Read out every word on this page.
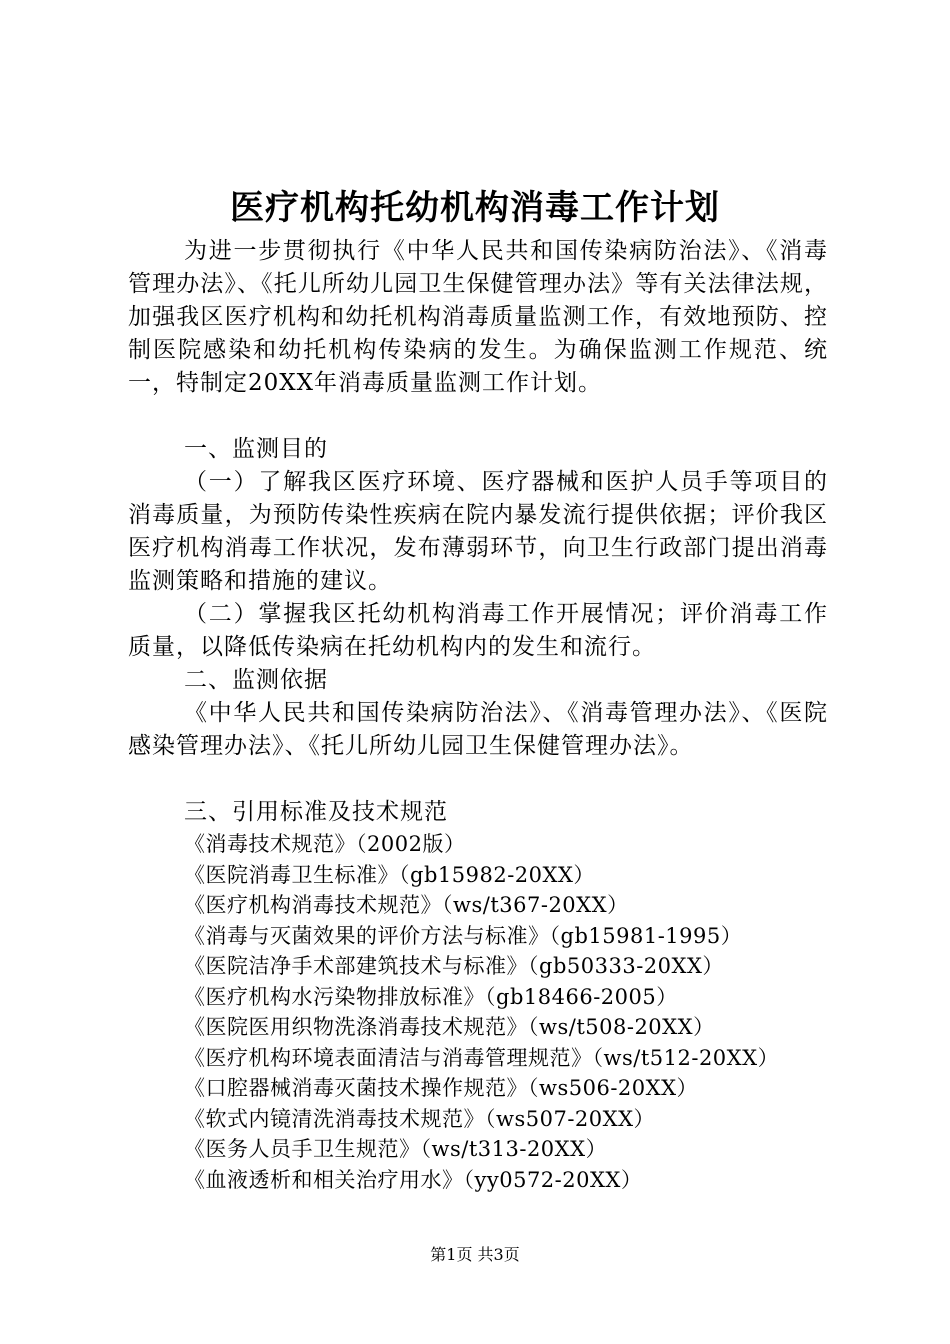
医疗机构托幼机构消毒工作计划

为进一步贯彻执行《中华人民共和国传染病防治法》、《消毒管理办法》、《托儿所幼儿园卫生保健管理办法》等有关法律法规，加强我区医疗机构和幼托机构消毒质量监测工作，有效地预防、控制医院感染和幼托机构传染病的发生。为确保监测工作规范、统一，特制定20XX年消毒质量监测工作计划。

一、监测目的

（一）了解我区医疗环境、医疗器械和医护人员手等项目的消毒质量，为预防传染性疾病在院内暴发流行提供依据；评价我区医疗机构消毒工作状况，发布薄弱环节，向卫生行政部门提出消毒监测策略和措施的建议。

（二）掌握我区托幼机构消毒工作开展情况；评价消毒工作质量，以降低传染病在托幼机构内的发生和流行。

二、监测依据

《中华人民共和国传染病防治法》、《消毒管理办法》、《医院感染管理办法》、《托儿所幼儿园卫生保健管理办法》。

三、引用标准及技术规范

《消毒技术规范》（2002版）

《医院消毒卫生标准》（gb15982-20XX）

《医疗机构消毒技术规范》（ws/t367-20XX）

《消毒与灭菌效果的评价方法与标准》（gb15981-1995）

《医院洁净手术部建筑技术与标准》（gb50333-20XX）

《医疗机构水污染物排放标准》（gb18466-2005）

《医院医用织物洗涤消毒技术规范》（ws/t508-20XX）

《医疗机构环境表面清洁与消毒管理规范》（ws/t512-20XX）

《口腔器械消毒灭菌技术操作规范》（ws506-20XX）

《软式内镜清洗消毒技术规范》（ws507-20XX）

《医务人员手卫生规范》（ws/t313-20XX）

《血液透析和相关治疗用水》（yy0572-20XX）

第1页 共3页
